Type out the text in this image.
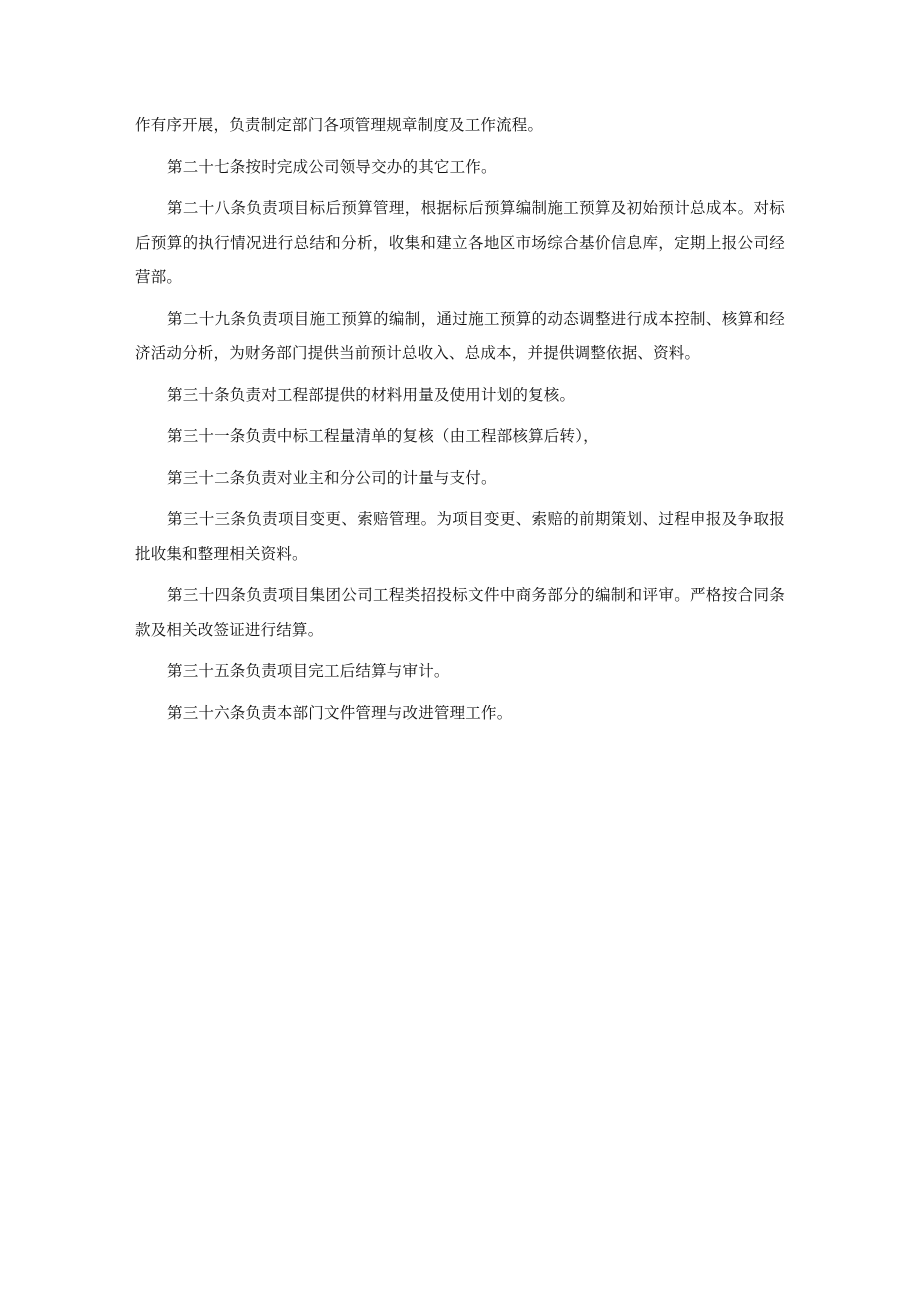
作有序开展，负责制定部门各项管理规章制度及工作流程。

第二十七条按时完成公司领导交办的其它工作。

第二十八条负责项目标后预算管理，根据标后预算编制施工预算及初始预计总成本。对标后预算的执行情况进行总结和分析，收集和建立各地区市场综合基价信息库，定期上报公司经营部。

第二十九条负责项目施工预算的编制，通过施工预算的动态调整进行成本控制、核算和经济活动分析，为财务部门提供当前预计总收入、总成本，并提供调整依据、资料。

第三十条负责对工程部提供的材料用量及使用计划的复核。

第三十一条负责中标工程量清单的复核（由工程部核算后转），

第三十二条负责对业主和分公司的计量与支付。

第三十三条负责项目变更、索赔管理。为项目变更、索赔的前期策划、过程申报及争取报批收集和整理相关资料。

第三十四条负责项目集团公司工程类招投标文件中商务部分的编制和评审。严格按合同条款及相关改签证进行结算。

第三十五条负责项目完工后结算与审计。

第三十六条负责本部门文件管理与改进管理工作。
